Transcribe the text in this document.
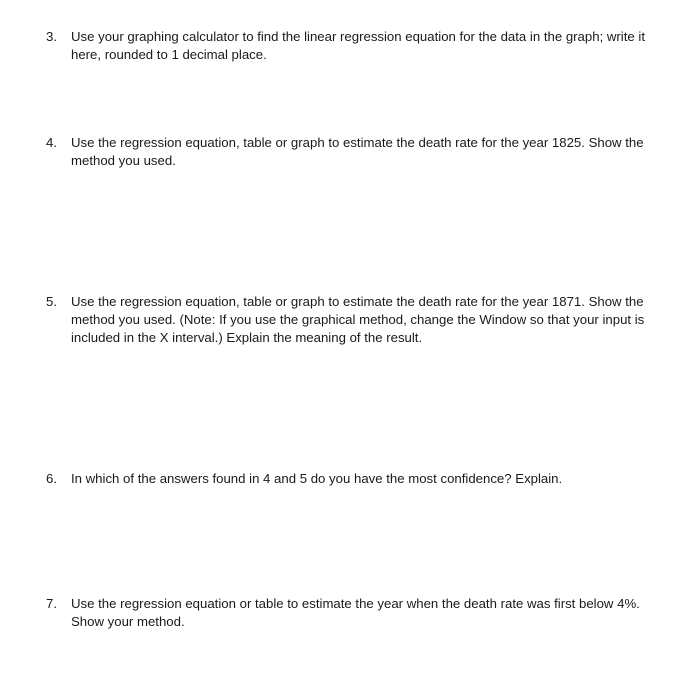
3.	Use your graphing calculator to find the linear regression equation for the data in the graph; write it
here, rounded to 1 decimal place.
4.	Use the regression equation, table or graph to estimate the death rate for the year 1825. Show the
method you used.
5.	Use the regression equation, table or graph to estimate the death rate for the year 1871. Show the
method you used. (Note: If you use the graphical method, change the Window so that your input is
included in the X interval.) Explain the meaning of the result.
6.	In which of the answers found in 4 and 5 do you have the most confidence? Explain.
7.	Use the regression equation or table to estimate the year when the death rate was first below 4%.
Show your method.
